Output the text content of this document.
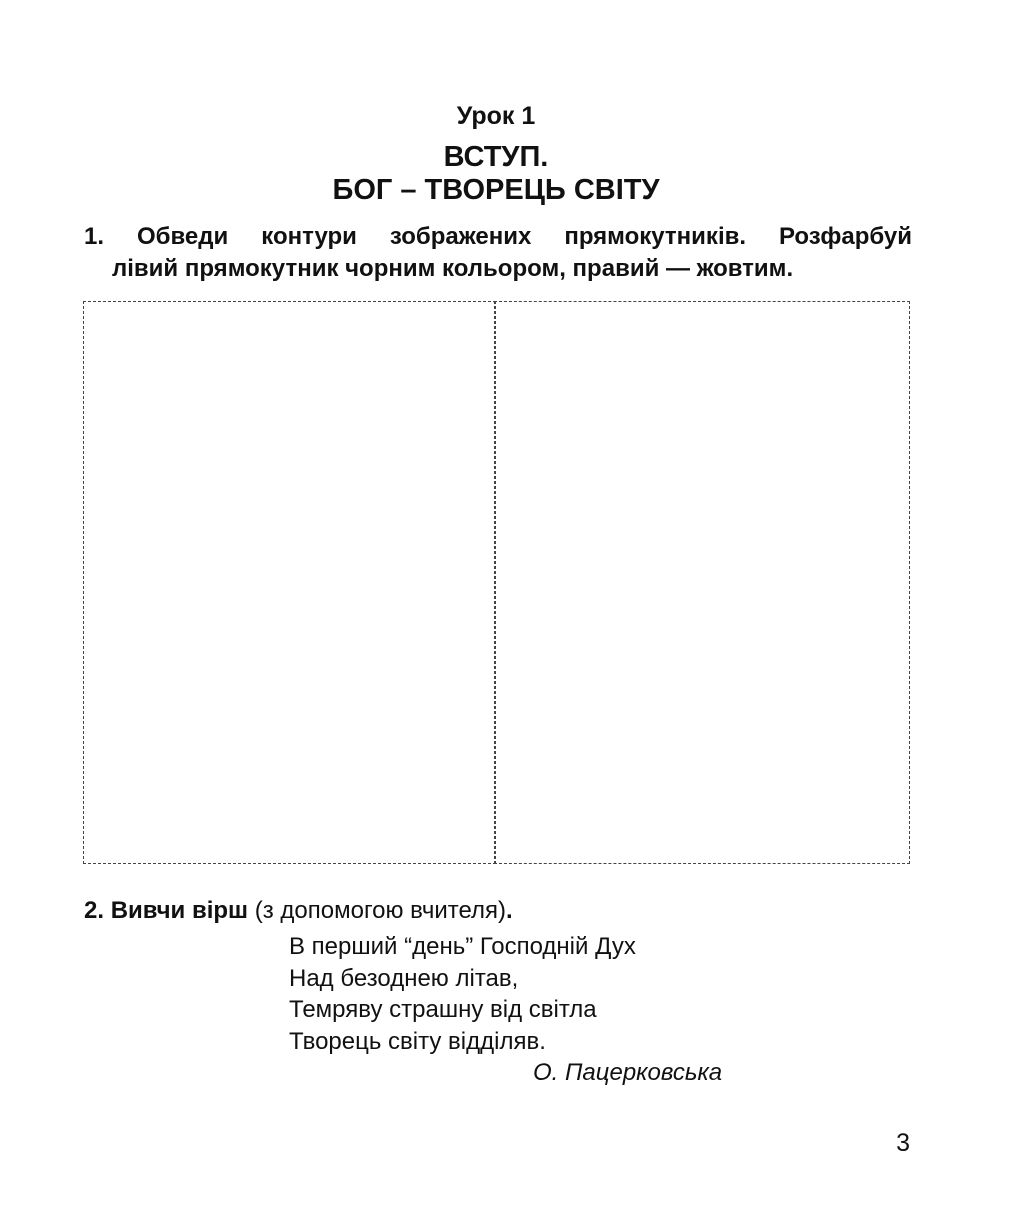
Урок 1
ВСТУП.
БОГ – ТВОРЕЦЬ СВІТУ
1. Обведи контури зображених прямокутників. Розфарбуй
лівий прямокутник чорним кольором, правий — жовтим.
2. Вивчи вірш (з допомогою вчителя).
В перший “день” Господній Дух
Над безоднею літав,
Темряву страшну від світла
Творець світу відділяв.
О. Пацерковська
3
